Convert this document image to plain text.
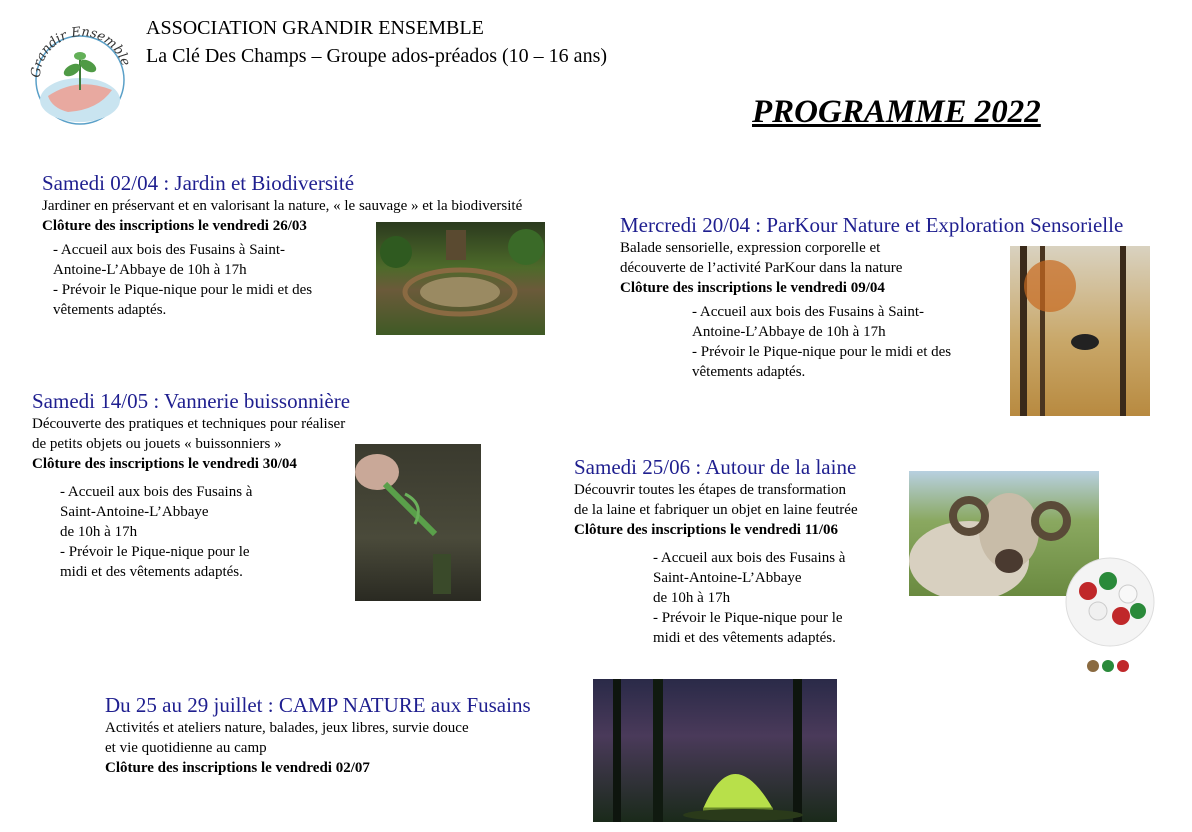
Grandir Ensemble
ASSOCIATION GRANDIR ENSEMBLE
La Clé Des Champs – Groupe ados-préados (10 – 16 ans)
PROGRAMME 2022
Samedi 02/04 : Jardin et Biodiversité
Jardiner en préservant et en valorisant la nature, « le sauvage » et la biodiversité
Clôture des inscriptions le vendredi 26/03
- Accueil aux bois des Fusains à Saint-
Antoine-L’Abbaye de 10h à 17h
- Prévoir le Pique-nique pour le midi et des
vêtements adaptés.
Mercredi 20/04 : ParKour Nature et Exploration Sensorielle
Balade sensorielle, expression corporelle et
découverte de l’activité ParKour dans la nature
Clôture des inscriptions le vendredi 09/04
- Accueil aux bois des Fusains à Saint-
Antoine-L’Abbaye de 10h à 17h
- Prévoir le Pique-nique pour le midi et des
vêtements adaptés.
Samedi 14/05 : Vannerie buissonnière
Découverte des pratiques et techniques pour réaliser
de petits objets ou jouets « buissonniers »
Clôture des inscriptions le vendredi 30/04
- Accueil aux bois des Fusains à
Saint-Antoine-L’Abbaye
de 10h à 17h
- Prévoir le Pique-nique pour le
midi et des vêtements adaptés.
Samedi 25/06 : Autour de la laine
Découvrir toutes les étapes de transformation
de la laine et fabriquer un objet en laine feutrée
Clôture des inscriptions le vendredi 11/06
- Accueil aux bois des Fusains à
Saint-Antoine-L’Abbaye
de 10h à 17h
- Prévoir le Pique-nique pour le
midi et des vêtements adaptés.
Du 25 au 29 juillet : CAMP NATURE aux Fusains
Activités et ateliers nature, balades, jeux libres, survie douce
et vie quotidienne au camp
Clôture des inscriptions le vendredi 02/07
